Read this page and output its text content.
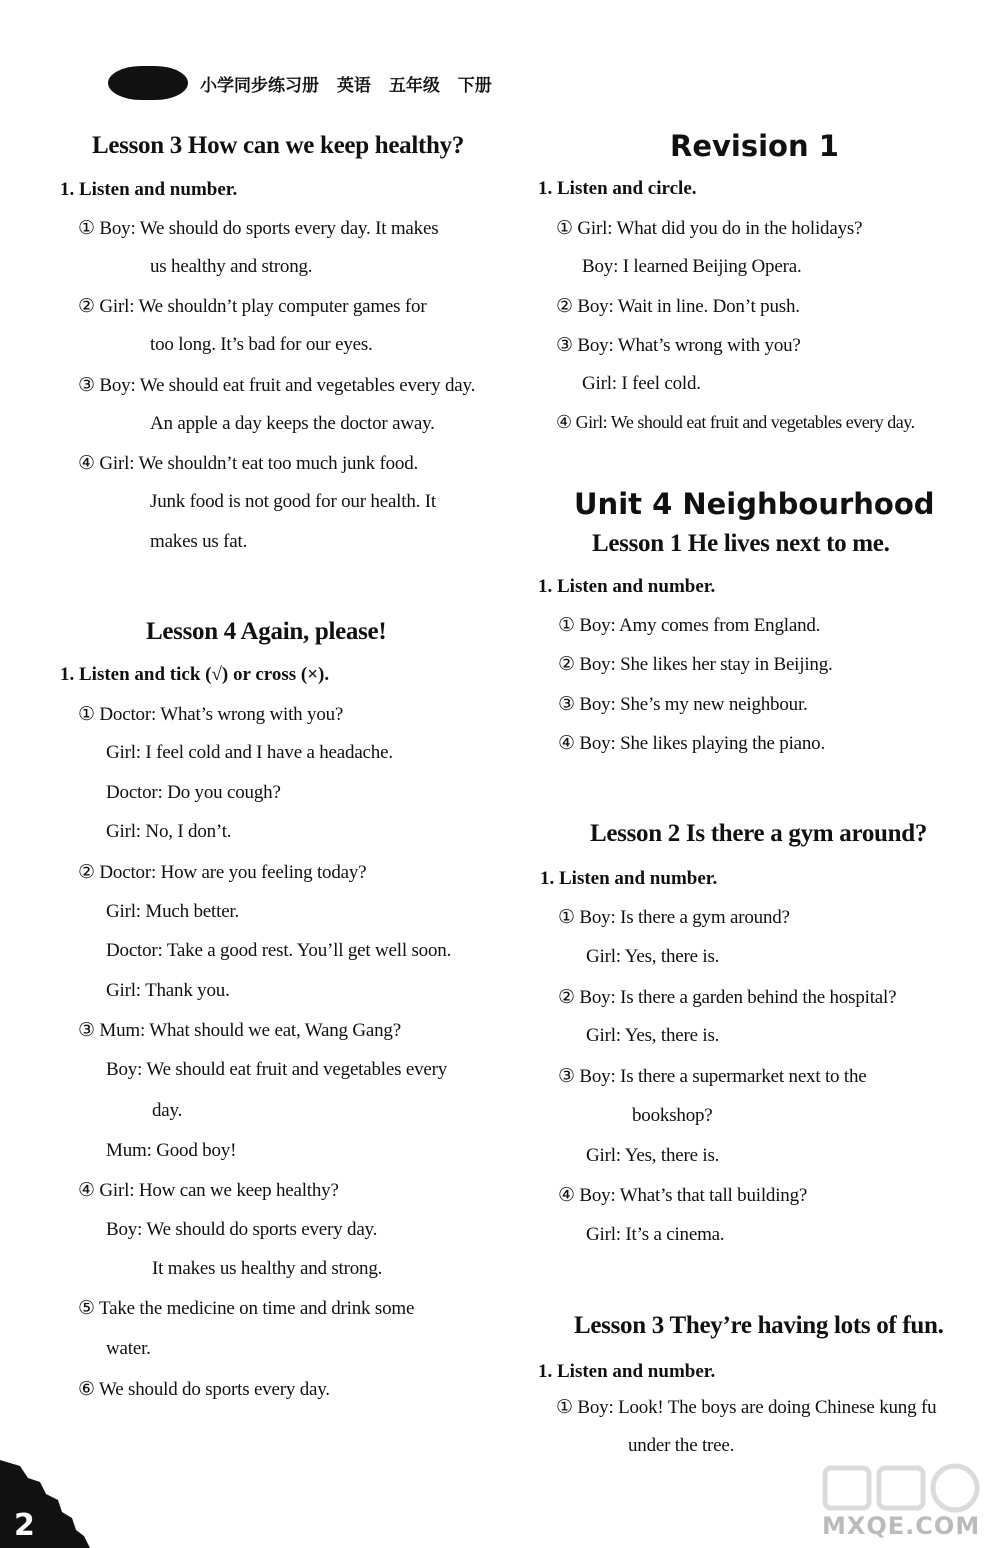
小学同步练习册 英语 五年级 下册
Lesson 3 How can we keep healthy?
1. Listen and number.
① Boy: We should do sports every day. It makes
us healthy and strong.
② Girl: We shouldn’t play computer games for
too long. It’s bad for our eyes.
③ Boy: We should eat fruit and vegetables every day.
An apple a day keeps the doctor away.
④ Girl: We shouldn’t eat too much junk food.
Junk food is not good for our health. It
makes us fat.
Lesson 4 Again, please!
1. Listen and tick (√) or cross (×).
① Doctor: What’s wrong with you?
Girl: I feel cold and I have a headache.
Doctor: Do you cough?
Girl: No, I don’t.
② Doctor: How are you feeling today?
Girl: Much better.
Doctor: Take a good rest. You’ll get well soon.
Girl: Thank you.
③ Mum: What should we eat, Wang Gang?
Boy: We should eat fruit and vegetables every
day.
Mum: Good boy!
④ Girl: How can we keep healthy?
Boy: We should do sports every day.
It makes us healthy and strong.
⑤ Take the medicine on time and drink some
water.
⑥ We should do sports every day.
Revision 1
1. Listen and circle.
① Girl: What did you do in the holidays?
Boy: I learned Beijing Opera.
② Boy: Wait in line. Don’t push.
③ Boy: What’s wrong with you?
Girl: I feel cold.
④ Girl: We should eat fruit and vegetables every day.
Unit 4 Neighbourhood
Lesson 1 He lives next to me.
1. Listen and number.
① Boy: Amy comes from England.
② Boy: She likes her stay in Beijing.
③ Boy: She’s my new neighbour.
④ Boy: She likes playing the piano.
Lesson 2 Is there a gym around?
1. Listen and number.
① Boy: Is there a gym around?
Girl: Yes, there is.
② Boy: Is there a garden behind the hospital?
Girl: Yes, there is.
③ Boy: Is there a supermarket next to the
bookshop?
Girl: Yes, there is.
④ Boy: What’s that tall building?
Girl: It’s a cinema.
Lesson 3 They’re having lots of fun.
1. Listen and number.
① Boy: Look! The boys are doing Chinese kung fu
under the tree.
2	MXQE.COM
